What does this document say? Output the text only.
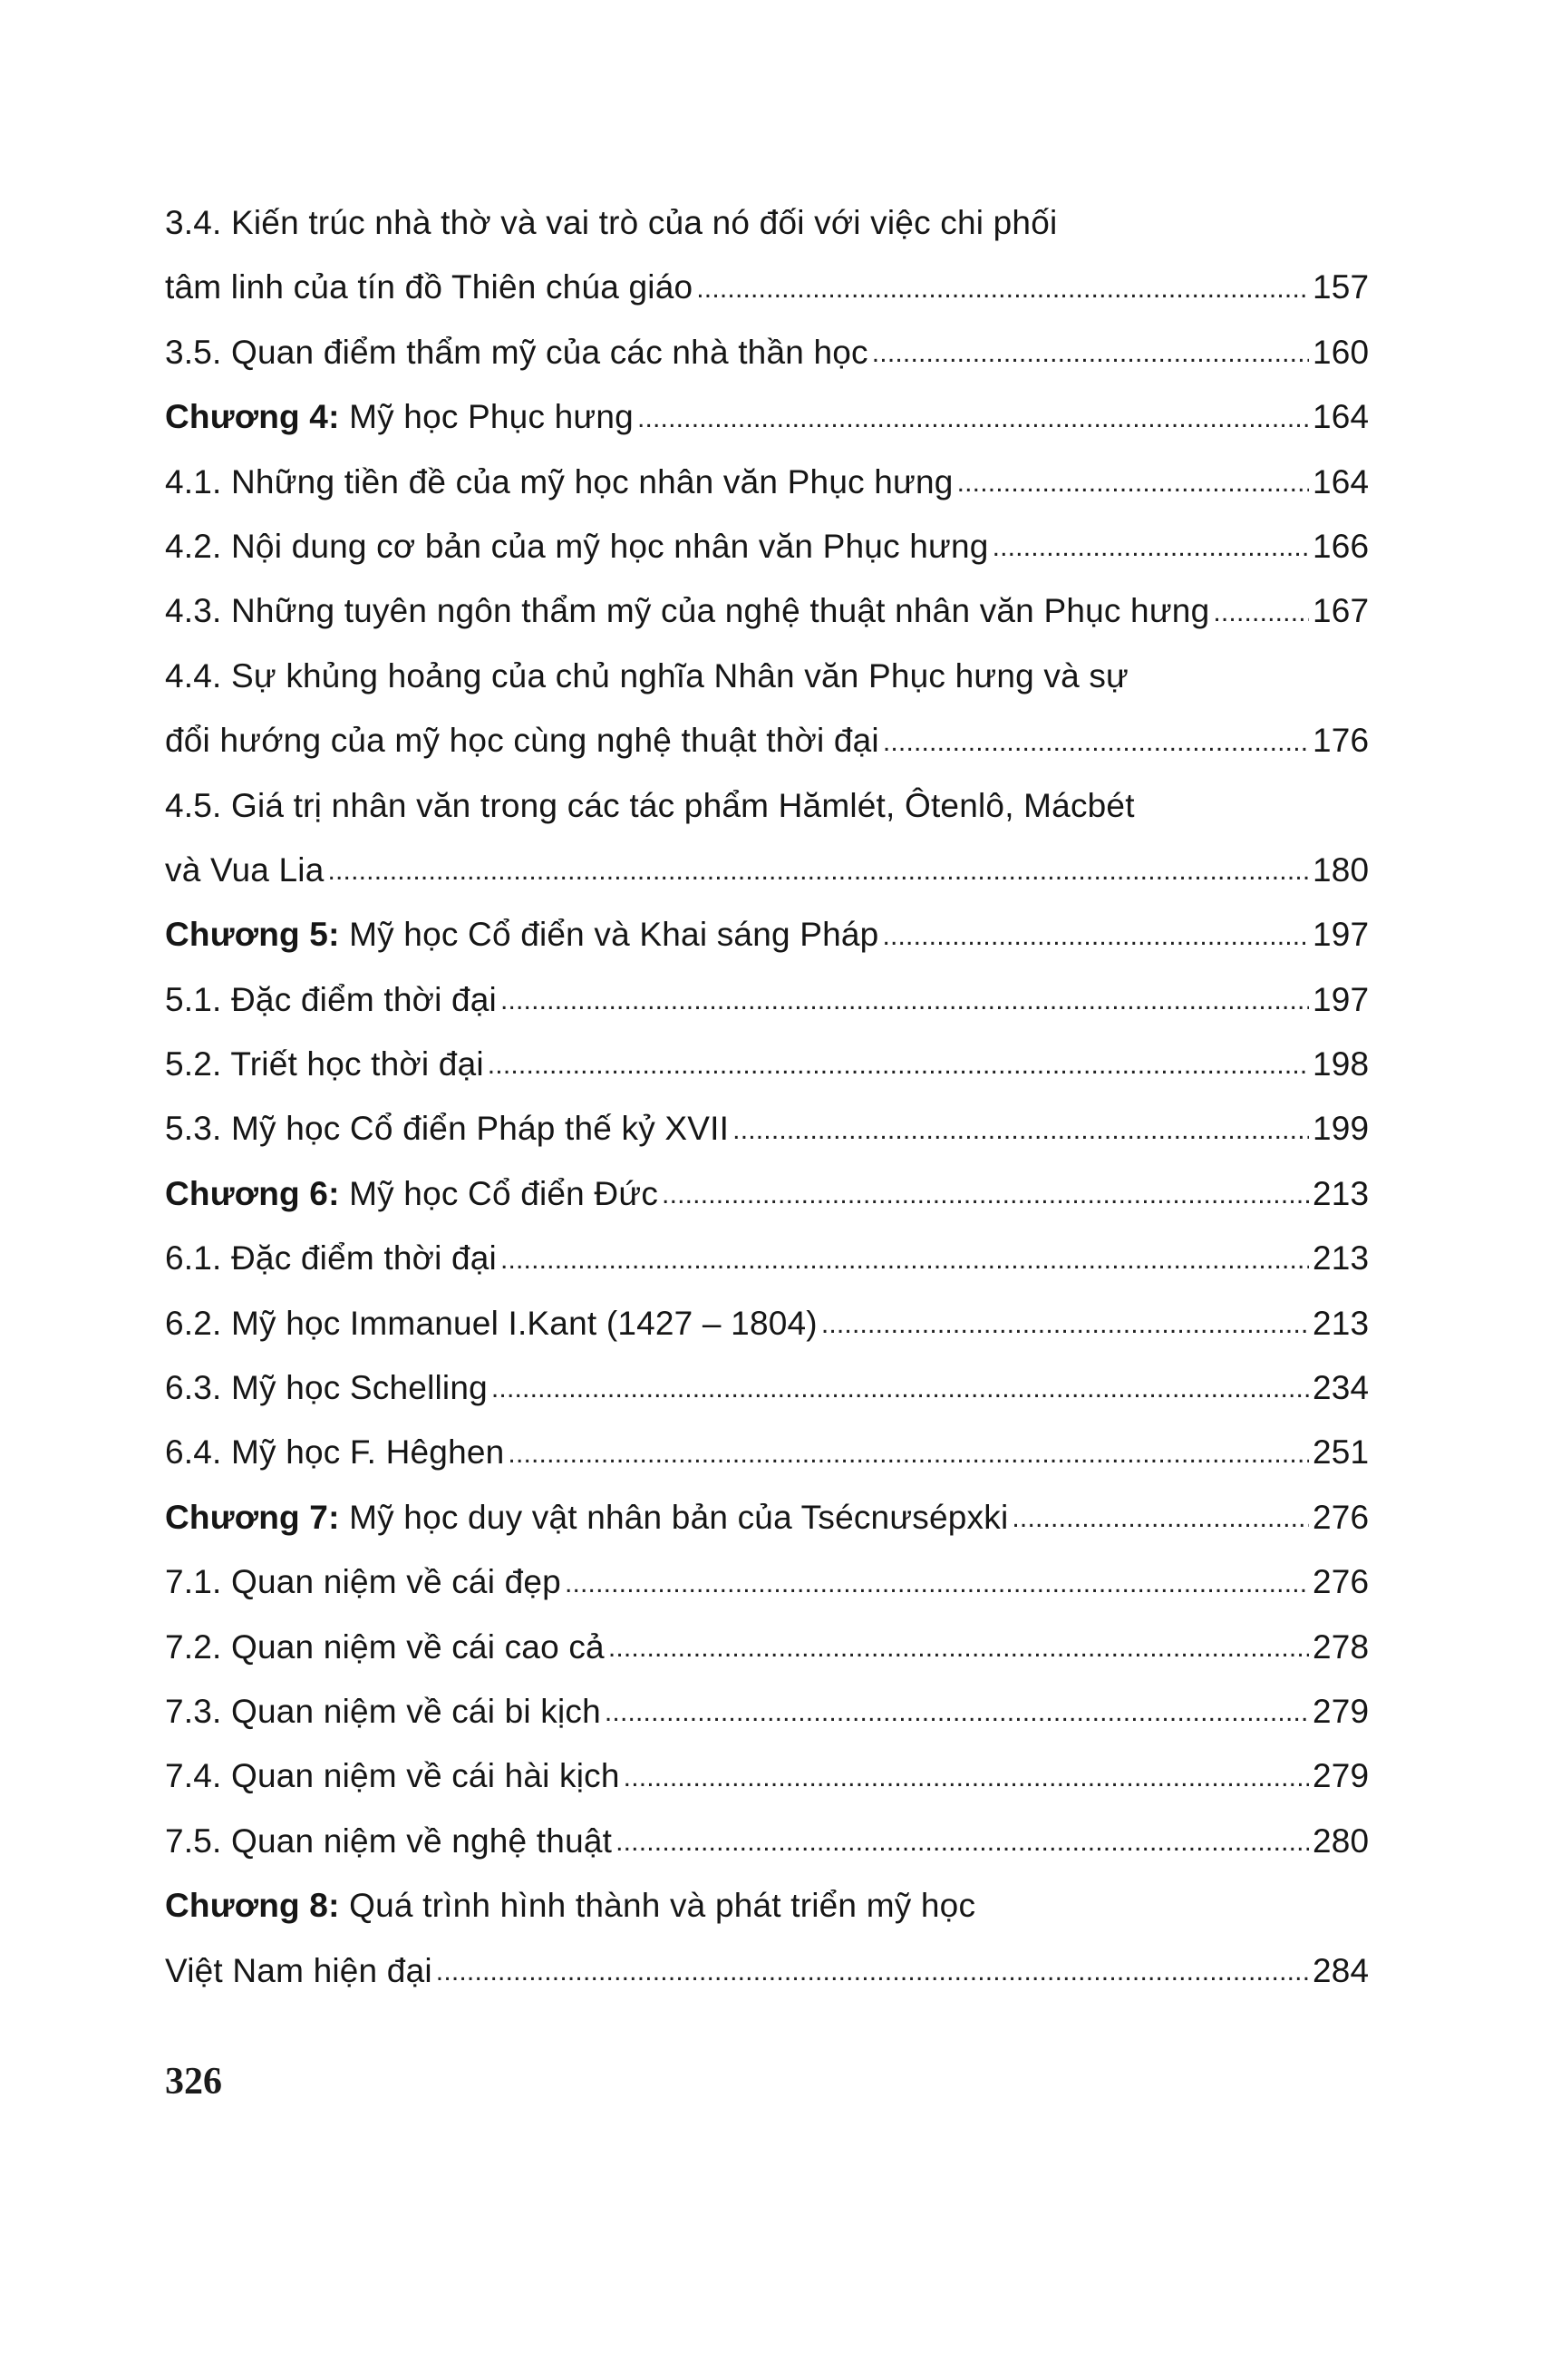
3.4. Kiến trúc nhà thờ và vai trò của nó đối với việc chi phối
tâm linh của tín đồ Thiên chúa giáo .....	157
3.5. Quan điểm thẩm mỹ của các nhà thần học .....	160
Chương 4: Mỹ học Phục hưng .....	164
4.1. Những tiền đề của mỹ học nhân văn Phục hưng .....	164
4.2. Nội dung cơ bản của mỹ học nhân văn Phục hưng .....	166
4.3. Những tuyên ngôn thẩm mỹ của nghệ thuật nhân văn Phục hưng .....	167
4.4. Sự khủng hoảng của chủ nghĩa Nhân văn Phục hưng và sự
đổi hướng của mỹ học cùng nghệ thuật thời đại .....	176
4.5. Giá trị nhân văn trong các tác phẩm Hămlét, Ôtenlô, Mácbét
và Vua Lia .....	180
Chương 5: Mỹ học Cổ điển và Khai sáng Pháp .....	197
5.1. Đặc điểm thời đại .....	197
5.2. Triết học thời đại .....	198
5.3. Mỹ học Cổ điển Pháp thế kỷ XVII .....	199
Chương 6: Mỹ học Cổ điển Đức .....	213
6.1. Đặc điểm thời đại .....	213
6.2. Mỹ học Immanuel I.Kant (1427 – 1804) .....	213
6.3. Mỹ học Schelling .....	234
6.4. Mỹ học F. Hêghen .....	251
Chương 7: Mỹ học duy vật nhân bản của Tsécnưsépxki .....	276
7.1. Quan niệm về cái đẹp .....	276
7.2. Quan niệm về cái cao cả .....	278
7.3. Quan niệm về cái bi kịch .....	279
7.4. Quan niệm về cái hài kịch .....	279
7.5. Quan niệm về nghệ thuật .....	280
Chương 8: Quá trình hình thành và phát triển mỹ học
Việt Nam hiện đại .....	284
326
